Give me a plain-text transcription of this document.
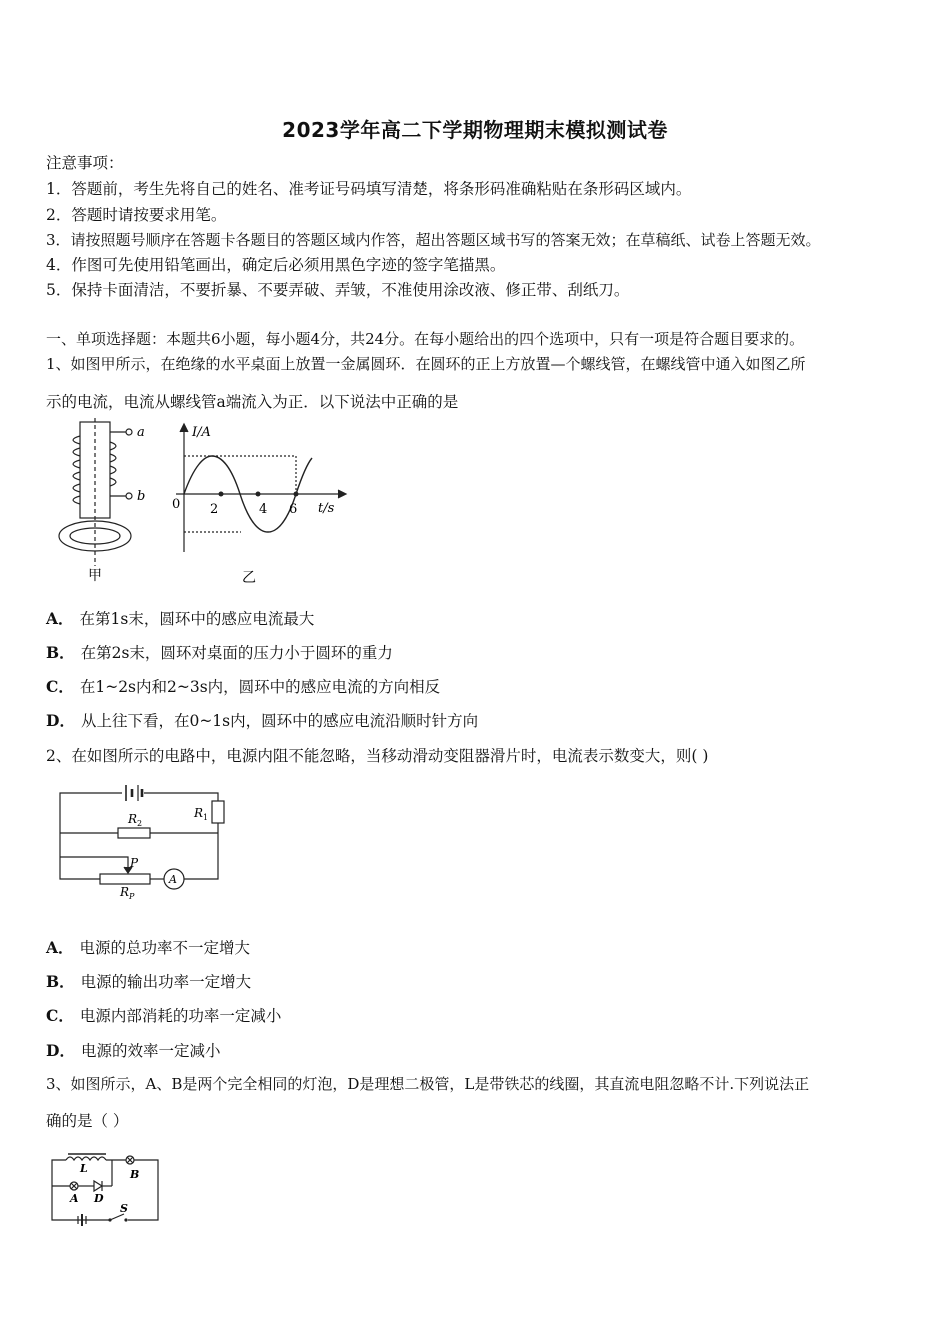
2023学年高二下学期物理期末模拟测试卷
注意事项：
1．答题前，考生先将自己的姓名、准考证号码填写清楚，将条形码准确粘贴在条形码区域内。
2．答题时请按要求用笔。
3．请按照题号顺序在答题卡各题目的答题区域内作答，超出答题区域书写的答案无效；在草稿纸、试卷上答题无效。
4．作图可先使用铅笔画出，确定后必须用黑色字迹的签字笔描黑。
5．保持卡面清洁，不要折暴、不要弄破、弄皱，不准使用涂改液、修正带、刮纸刀。
一、单项选择题：本题共6小题，每小题4分，共24分。在每小题给出的四个选项中，只有一项是符合题目要求的。
1、如图甲所示，在绝缘的水平桌面上放置一金属圆环．在圆环的正上方放置—个螺线管，在螺线管中通入如图乙所
示的电流，电流从螺线管a端流入为正．以下说法中正确的是
a
b
甲
I/A
t/s
0 2	4 6
乙
A． 在第1s末，圆环中的感应电流最大
B． 在第2s末，圆环对桌面的压力小于圆环的重力
C． 在1~2s内和2~3s内，圆环中的感应电流的方向相反
D． 从上往下看，在0~1s内，圆环中的感应电流沿顺时针方向
2、在如图所示的电路中，电源内阻不能忽略，当移动滑动变阻器滑片时，电流表示数变大，则( )
$R_1$
$R_2$
P
$R_P$
A
A． 电源的总功率不一定增大
B． 电源的输出功率一定增大
C． 电源内部消耗的功率一定减小
D． 电源的效率一定减小
3、如图所示，A、B是两个完全相同的灯泡，D是理想二极管，L是带铁芯的线圈，其直流电阻忽略不计.下列说法正
确的是（ ）
L	B
A D
S
